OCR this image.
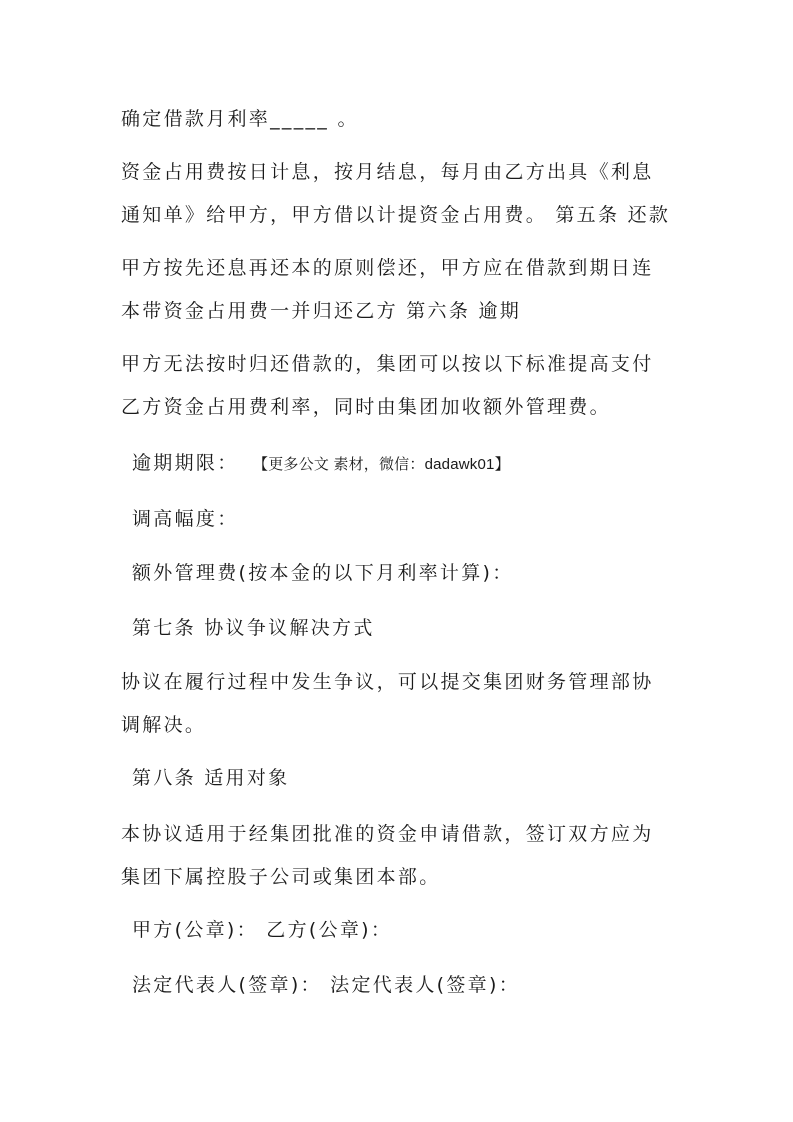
确定借款月利率_____ 。
资金占用费按日计息，按月结息，每月由乙方出具《利息
通知单》给甲方，甲方借以计提资金占用费。 第五条 还款
甲方按先还息再还本的原则偿还，甲方应在借款到期日连
本带资金占用费一并归还乙方 第六条 逾期
甲方无法按时归还借款的，集团可以按以下标准提高支付
乙方资金占用费利率，同时由集团加收额外管理费。
逾期期限： 【更多公文 素材，微信：dadawk01】
调高幅度：
额外管理费(按本金的以下月利率计算)：
第七条 协议争议解决方式
协议在履行过程中发生争议，可以提交集团财务管理部协
调解决。
第八条 适用对象
本协议适用于经集团批准的资金申请借款，签订双方应为
集团下属控股子公司或集团本部。
甲方(公章)： 乙方(公章)：
法定代表人(签章)： 法定代表人(签章)：
